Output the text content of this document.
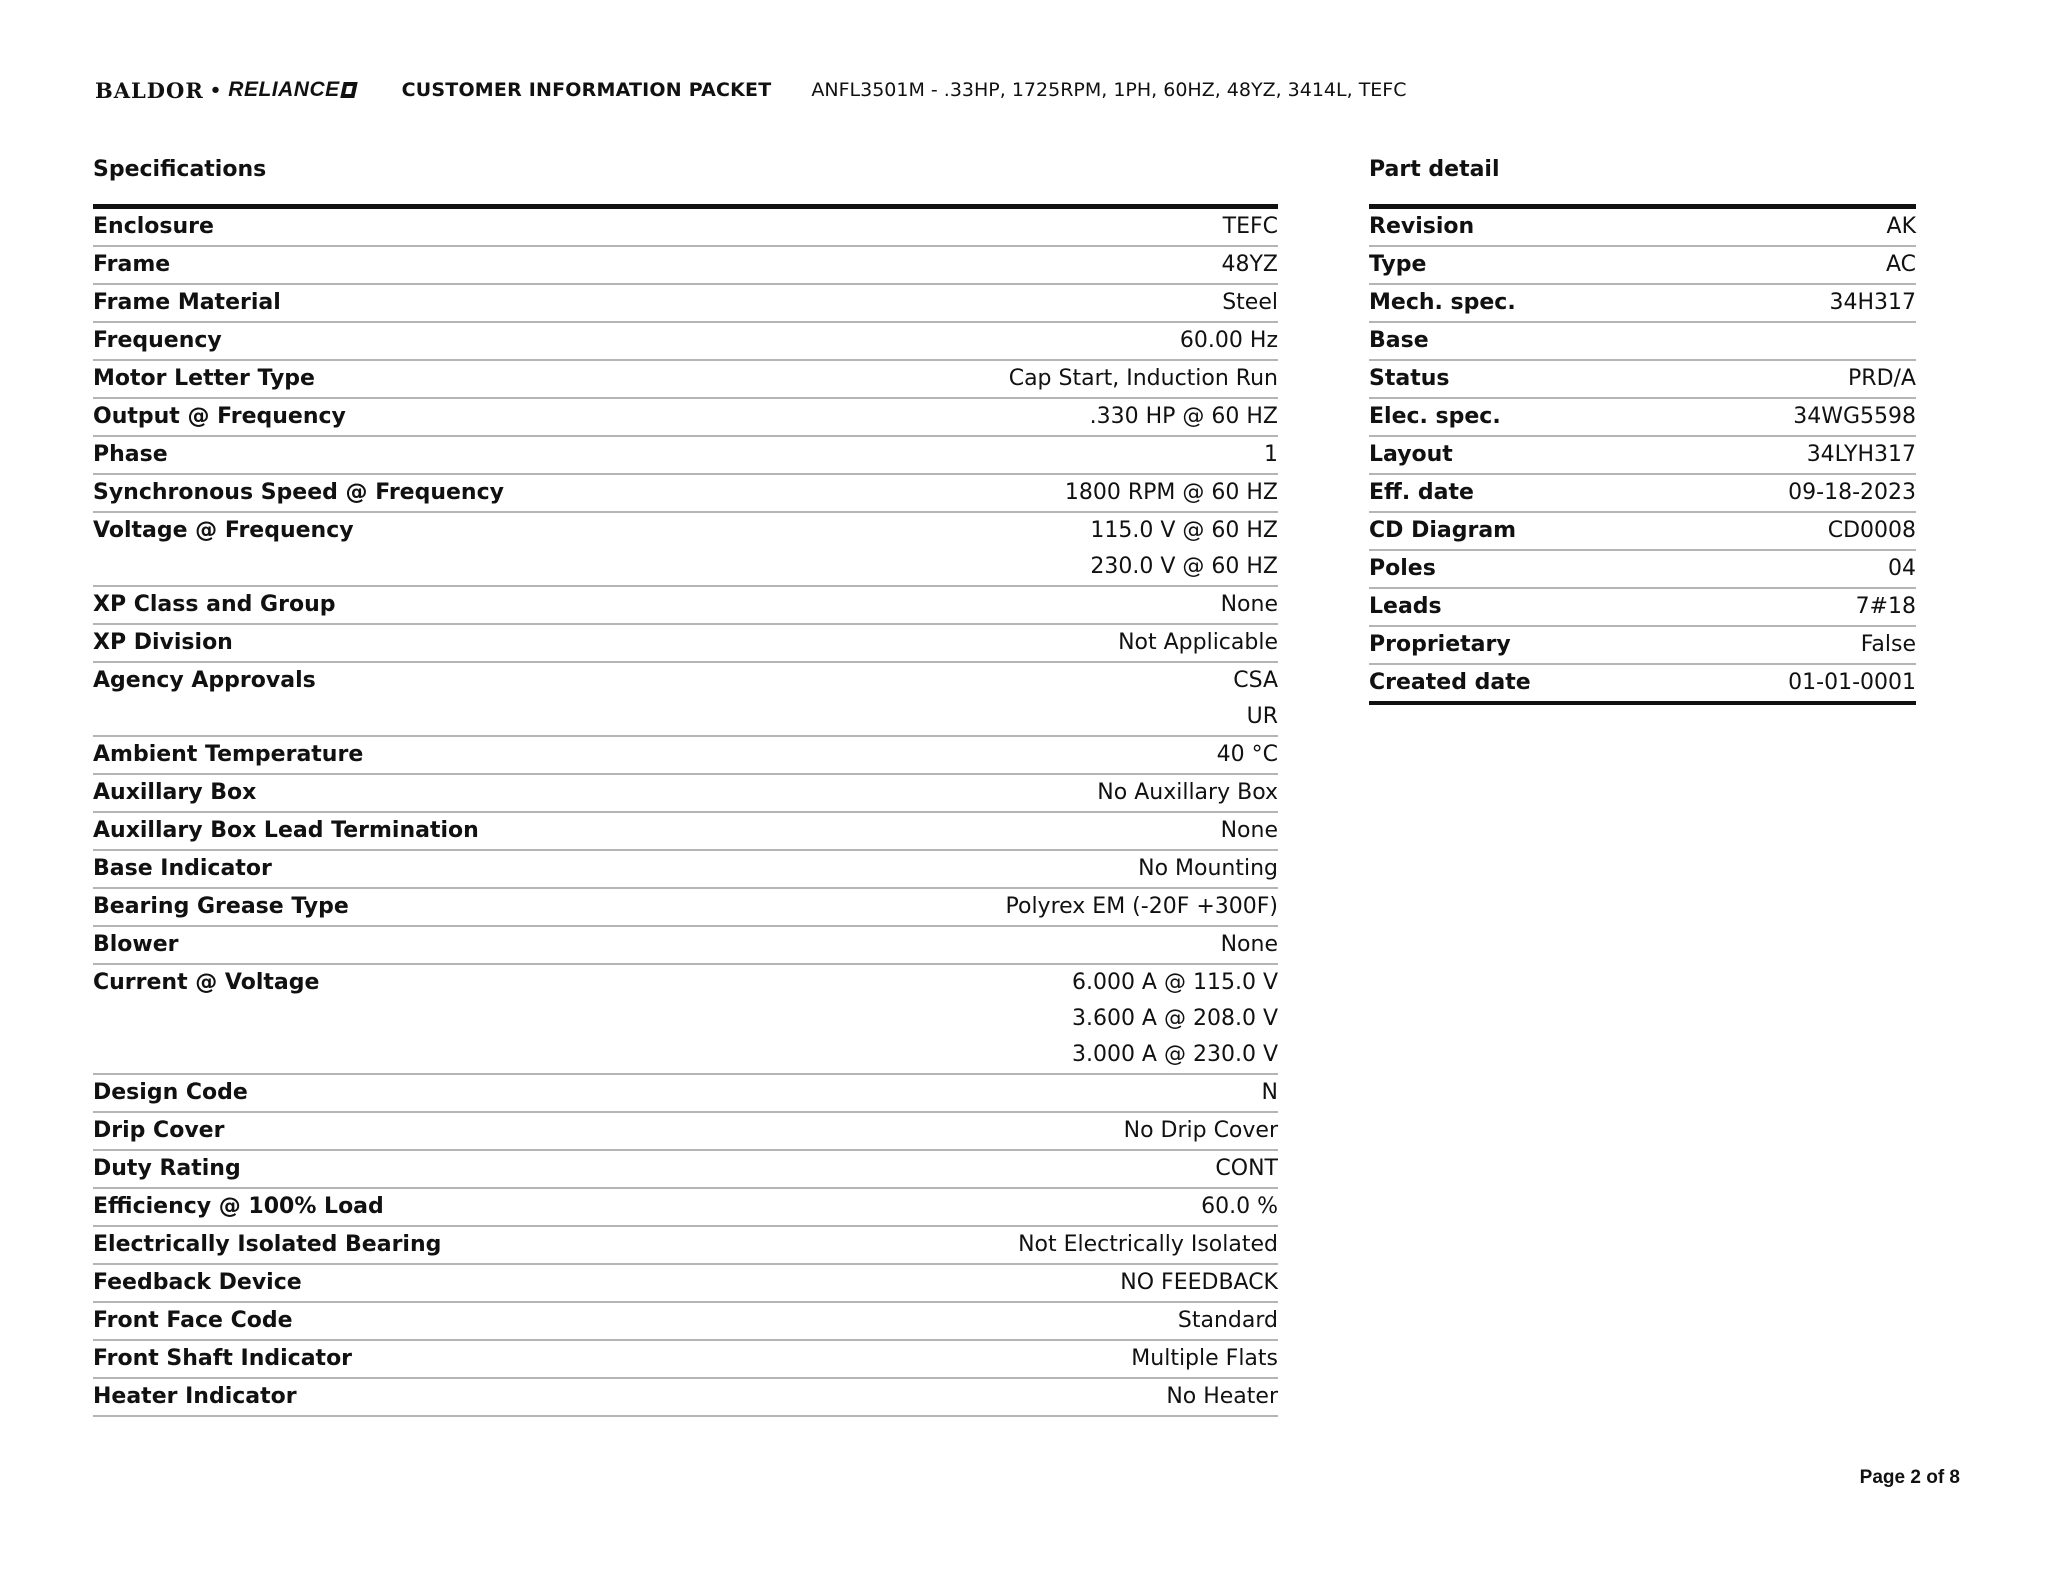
BALDOR • RELIANCE	CUSTOMER INFORMATION PACKET ANFL3501M - .33HP, 1725RPM, 1PH, 60HZ, 48YZ, 3414L, TEFC
Specifications
Enclosure	TEFC
Frame	48YZ
Frame Material	Steel
Frequency	60.00 Hz
Motor Letter Type	Cap Start, Induction Run
Output @ Frequency	.330 HP @ 60 HZ
Phase	1
Synchronous Speed @ Frequency	1800 RPM @ 60 HZ
Voltage @ Frequency	115.0 V @ 60 HZ
230.0 V @ 60 HZ
XP Class and Group	None
XP Division	Not Applicable
Agency Approvals	CSA
UR
Ambient Temperature	40 °C
Auxillary Box	No Auxillary Box
Auxillary Box Lead Termination	None
Base Indicator	No Mounting
Bearing Grease Type	Polyrex EM (-20F +300F)
Blower	None
Current @ Voltage	6.000 A @ 115.0 V
3.600 A @ 208.0 V
3.000 A @ 230.0 V
Design Code	N
Drip Cover	No Drip Cover
Duty Rating	CONT
Efficiency @ 100% Load	60.0 %
Electrically Isolated Bearing	Not Electrically Isolated
Feedback Device	NO FEEDBACK
Front Face Code	Standard
Front Shaft Indicator	Multiple Flats
Heater Indicator	No Heater
Part detail
Revision	AK
Type	AC
Mech. spec.	34H317
Base
Status	PRD/A
Elec. spec.	34WG5598
Layout	34LYH317
Eff. date	09-18-2023
CD Diagram	CD0008
Poles	04
Leads	7#18
Proprietary	False
Created date	01-01-0001
Page 2 of 8
